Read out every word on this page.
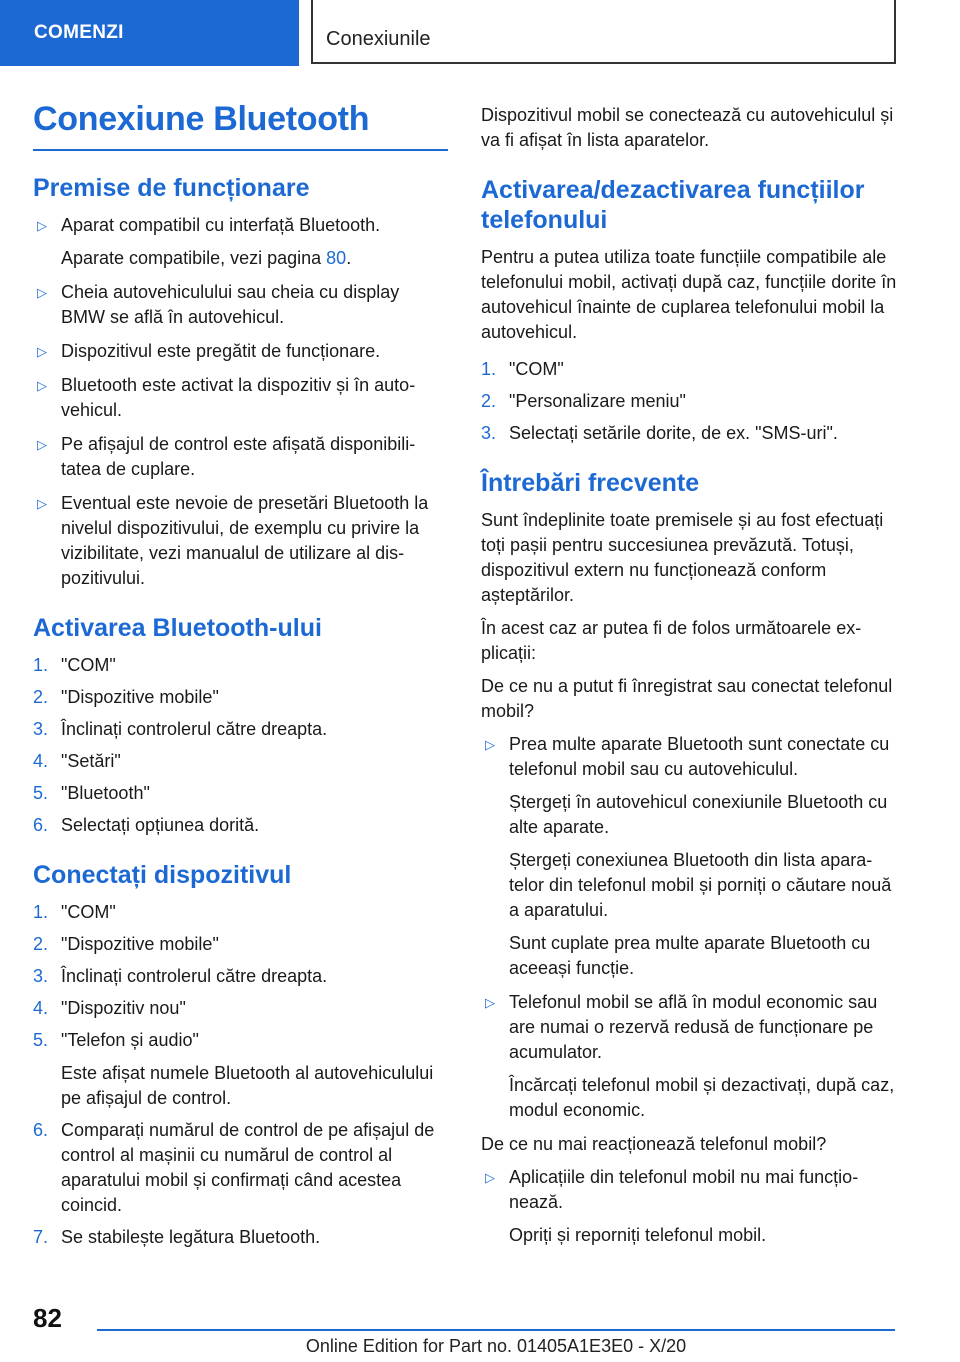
COMENZI	Conexiunile
Conexiune Bluetooth
Premise de funcționare
▷ Aparat compatibil cu interfață Bluetooth.

Aparate compatibile, vezi pagina 80.

▷ Cheia autovehiculului sau cheia cu display BMW se află în autovehicul.

▷ Dispozitivul este pregătit de funcționare.

▷ Bluetooth este activat la dispozitiv și în autovehicul.

▷ Pe afișajul de control este afișată disponibilitatea de cuplare.

▷ Eventual este nevoie de presetări Bluetooth la nivelul dispozitivului, de exemplu cu privire la vizibilitate, vezi manualul de utilizare al dispozitivului.

Activarea Bluetooth-ului
1. "COM"
2. "Dispozitive mobile"
3. Înclinați controlerul către dreapta.
4. "Setări"
5. "Bluetooth"
6. Selectați opțiunea dorită.
Conectați dispozitivul
1. "COM"
2. "Dispozitive mobile"
3. Înclinați controlerul către dreapta.
4. "Dispozitiv nou"
5. "Telefon și audio"

Este afișat numele Bluetooth al autovehiculului pe afișajul de control.

6. Comparați numărul de control de pe afișajul de control al mașinii cu numărul de control al aparatului mobil și confirmați când acestea coincid.
7. Se stabilește legătura Bluetooth.

Dispozitivul mobil se conectează cu autovehiculul și va fi afișat în lista aparatelor.

Activarea/dezactivarea funcțiilor telefonului

Pentru a putea utiliza toate funcțiile compatibile ale telefonului mobil, activați după caz, funcțiile dorite în autovehicul înainte de cuplarea telefonului mobil la autovehicul.

1. "COM"
2. "Personalizare meniu"
3. Selectați setările dorite, de ex. "SMS-uri".
Întrebări frecvente

Sunt îndeplinite toate premisele și au fost efectuați toți pașii pentru succesiunea prevăzută. Totuși, dispozitivul extern nu funcționează conform așteptărilor.

În acest caz ar putea fi de folos următoarele explicații:

De ce nu a putut fi înregistrat sau conectat telefonul mobil?

▷ Prea multe aparate Bluetooth sunt conectate cu telefonul mobil sau cu autovehiculul.

Ștergeți în autovehicul conexiunile Bluetooth cu alte aparate.

Ștergeți conexiunea Bluetooth din lista aparatelor din telefonul mobil și porniți o căutare nouă a aparatului.

Sunt cuplate prea multe aparate Bluetooth cu aceeași funcție.

▷ Telefonul mobil se află în modul economic sau are numai o rezervă redusă de funcționare pe acumulator.

Încărcați telefonul mobil și dezactivați, după caz, modul economic.

De ce nu mai reacționează telefonul mobil?

▷ Aplicațiile din telefonul mobil nu mai funcționează.

Opriți și reporniți telefonul mobil.

82
Online Edition for Part no. 01405A1E3E0 - X/20
